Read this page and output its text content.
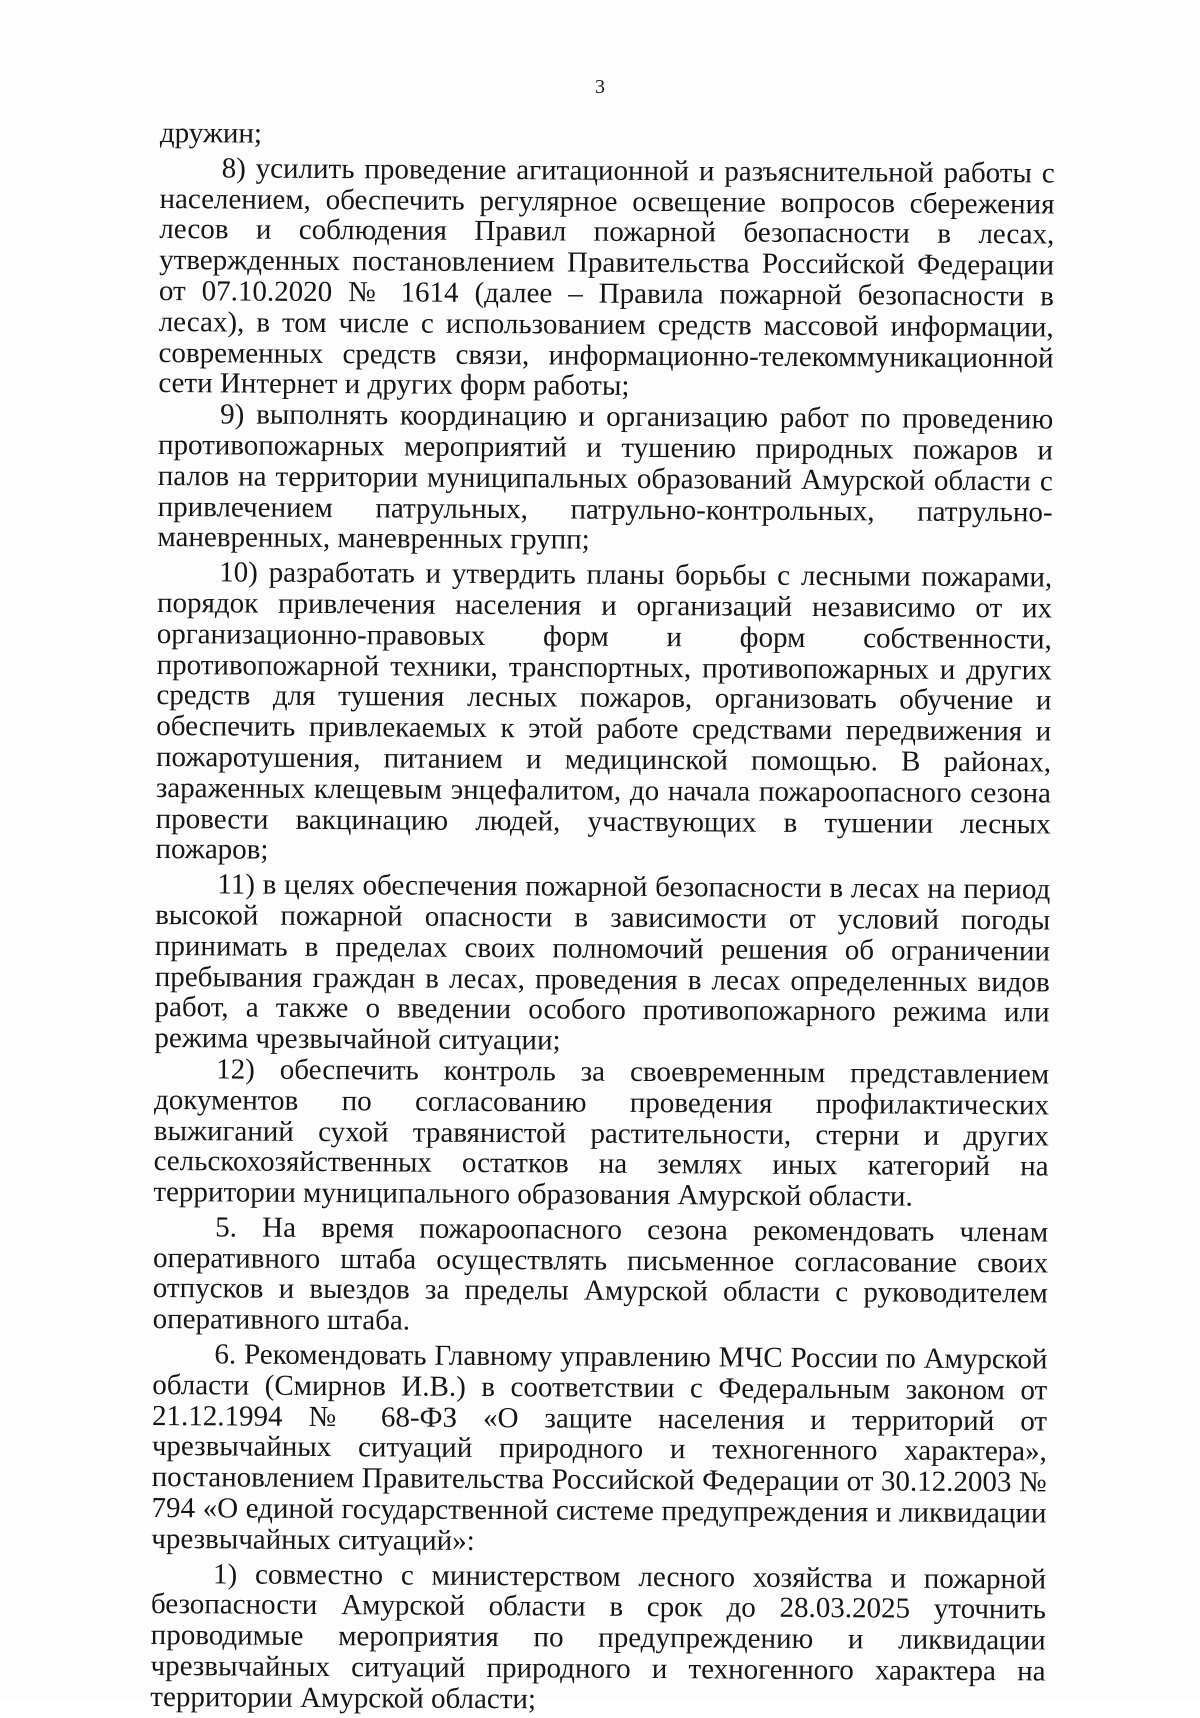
3

дружин;

8) усилить проведение агитационной и разъяснительной работы с населением, обеспечить регулярное освещение вопросов сбережения лесов и соблюдения Правил пожарной безопасности в лесах, утвержденных постановлением Правительства Российской Федерации от 07.10.2020 № 1614 (далее – Правила пожарной безопасности в лесах), в том числе с использованием средств массовой информации, современных средств связи, информационно-телекоммуникационной сети Интернет и других форм работы;

9) выполнять координацию и организацию работ по проведению противопожарных мероприятий и тушению природных пожаров и палов на территории муниципальных образований Амурской области с привлечением патрульных, патрульно-контрольных, патрульно-маневренных, маневренных групп;

10) разработать и утвердить планы борьбы с лесными пожарами, порядок привлечения населения и организаций независимо от их организационно-правовых форм и форм собственности, противопожарной техники, транспортных, противопожарных и других средств для тушения лесных пожаров, организовать обучение и обеспечить привлекаемых к этой работе средствами передвижения и пожаротушения, питанием и медицинской помощью. В районах, зараженных клещевым энцефалитом, до начала пожароопасного сезона провести вакцинацию людей, участвующих в тушении лесных пожаров;

11) в целях обеспечения пожарной безопасности в лесах на период высокой пожарной опасности в зависимости от условий погоды принимать в пределах своих полномочий решения об ограничении пребывания граждан в лесах, проведения в лесах определенных видов работ, а также о введении особого противопожарного режима или режима чрезвычайной ситуации;

12) обеспечить контроль за своевременным представлением документов по согласованию проведения профилактических выжиганий сухой травянистой растительности, стерни и других сельскохозяйственных остатков на землях иных категорий на территории муниципального образования Амурской области.

5. На время пожароопасного сезона рекомендовать членам оперативного штаба осуществлять письменное согласование своих отпусков и выездов за пределы Амурской области с руководителем оперативного штаба.

6. Рекомендовать Главному управлению МЧС России по Амурской области (Смирнов И.В.) в соответствии с Федеральным законом от 21.12.1994 № 68-ФЗ «О защите населения и территорий от чрезвычайных ситуаций природного и техногенного характера», постановлением Правительства Российской Федерации от 30.12.2003 № 794 «О единой государственной системе предупреждения и ликвидации чрезвычайных ситуаций»:

1) совместно с министерством лесного хозяйства и пожарной безопасности Амурской области в срок до 28.03.2025 уточнить проводимые мероприятия по предупреждению и ликвидации чрезвычайных ситуаций природного и техногенного характера на территории Амурской области;
